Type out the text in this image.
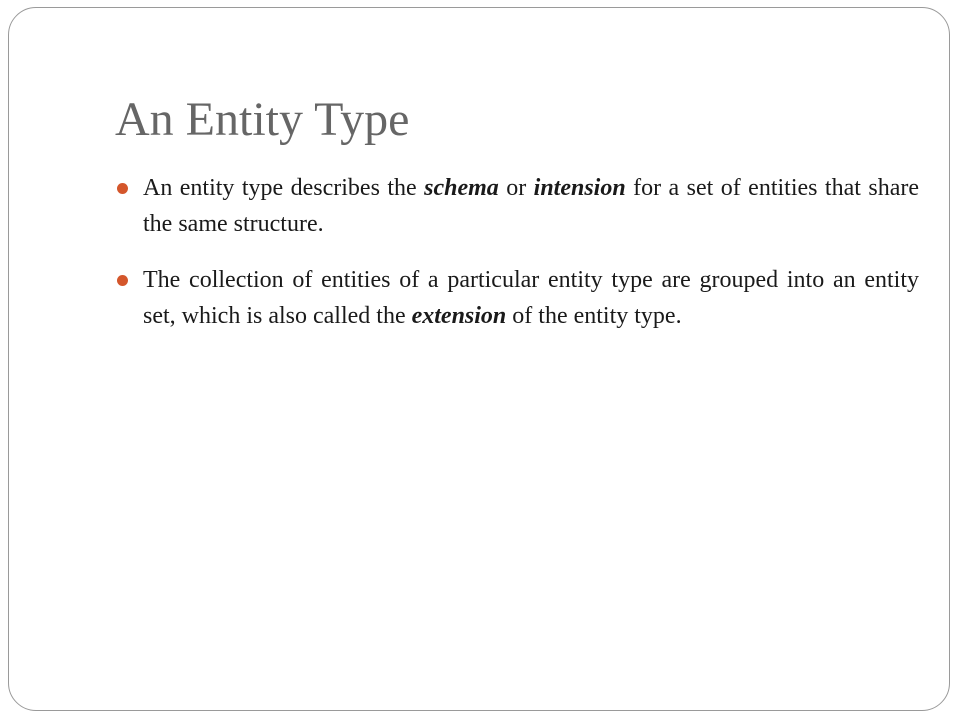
An Entity Type
An entity type describes the schema or intension for a set of entities that share the same structure.
The collection of entities of a particular entity type are grouped into an entity set, which is also called the extension of the entity type.
